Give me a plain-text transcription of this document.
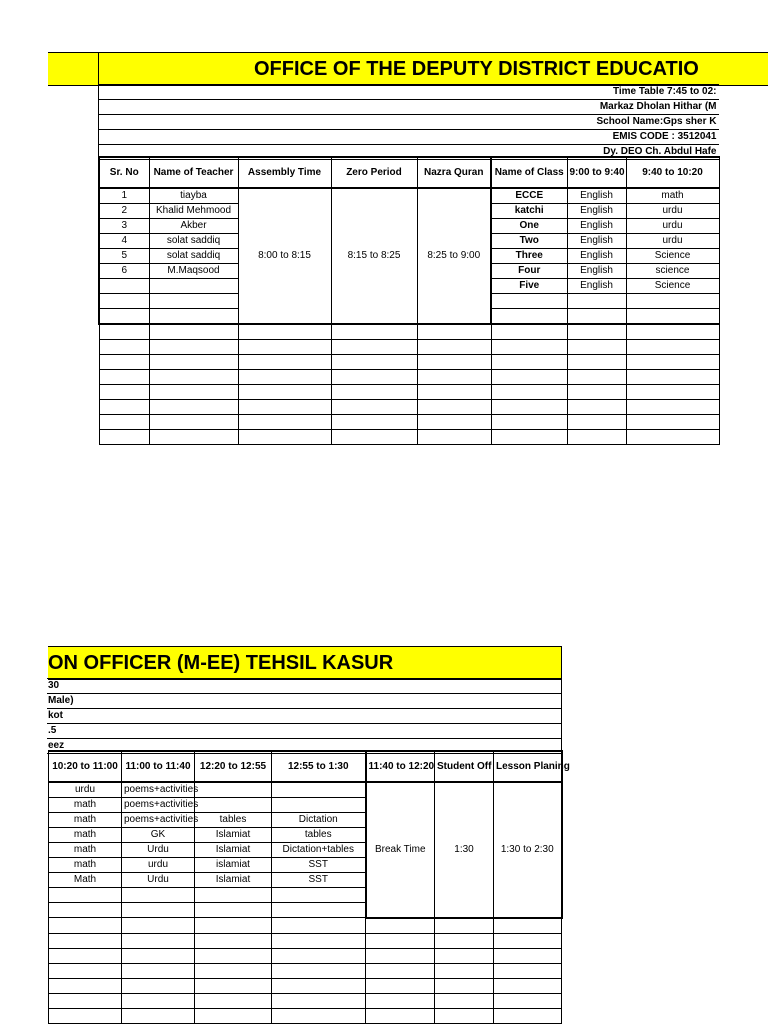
OFFICE OF THE DEPUTY DISTRICT EDUCATIO
Time Table 7:45 to 02:
Markaz Dholan Hithar (M
School Name:Gps sher K
EMIS CODE : 3512041
Dy. DEO Ch. Abdul Hafe
Sr. No	Name of Teacher	Assembly Time	Zero Period	Nazra Quran	Name of Class	9:00 to 9:40	9:40 to 10:20
1	tiayba	8:00 to 8:15	8:15 to 8:25	8:25 to 9:00	ECCE	English	math
2	Khalid Mehmood				katchi	English	urdu
3	Akber				One	English	urdu
4	solat saddiq				Two	English	urdu
5	solat saddiq				Three	English	Science
6	M.Maqsood				Four	English	science
					Five	English	Science

ON OFFICER (M-EE) TEHSIL KASUR
30
Male)
kot
.5
eez
10:20 to 11:00	11:00 to 11:40	12:20 to 12:55	12:55 to 1:30	11:40 to 12:20	Student Off	Lesson Planing
urdu	poems+activities			Break Time	1:30	1:30 to 2:30
math	poems+activities					
math	poems+activities	tables	Dictation			
math	GK	Islamiat	tables			
math	Urdu	Islamiat	Dictation+tables			
math	urdu	islamiat	SST			
Math	Urdu	Islamiat	SST			
